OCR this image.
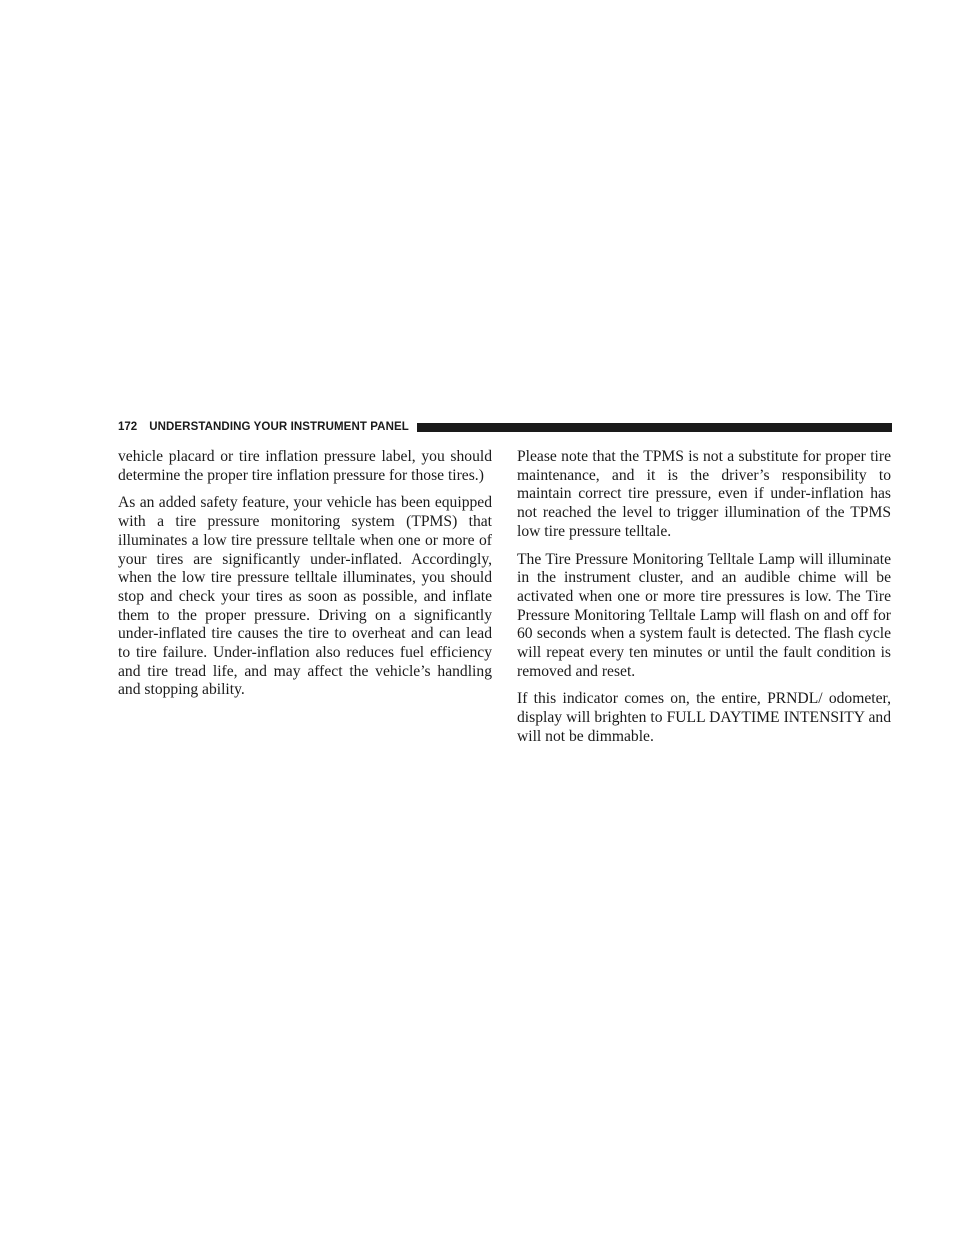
172 UNDERSTANDING YOUR INSTRUMENT PANEL

vehicle placard or tire inflation pressure label, you should determine the proper tire inflation pressure for those tires.)

As an added safety feature, your vehicle has been equipped with a tire pressure monitoring system (TPMS) that illuminates a low tire pressure telltale when one or more of your tires are significantly under-inflated. Accordingly, when the low tire pressure telltale illuminates, you should stop and check your tires as soon as possible, and inflate them to the proper pressure. Driving on a significantly under-inflated tire causes the tire to overheat and can lead to tire failure. Under-inflation also reduces fuel efficiency and tire tread life, and may affect the vehicle’s handling and stopping ability.

Please note that the TPMS is not a substitute for proper tire maintenance, and it is the driver’s responsibility to maintain correct tire pressure, even if under-inflation has not reached the level to trigger illumination of the TPMS low tire pressure telltale.

The Tire Pressure Monitoring Telltale Lamp will illuminate in the instrument cluster, and an audible chime will be activated when one or more tire pressures is low. The Tire Pressure Monitoring Telltale Lamp will flash on and off for 60 seconds when a system fault is detected. The flash cycle will repeat every ten minutes or until the fault condition is removed and reset.

If this indicator comes on, the entire, PRNDL/ odometer, display will brighten to FULL DAYTIME INTENSITY and will not be dimmable.
